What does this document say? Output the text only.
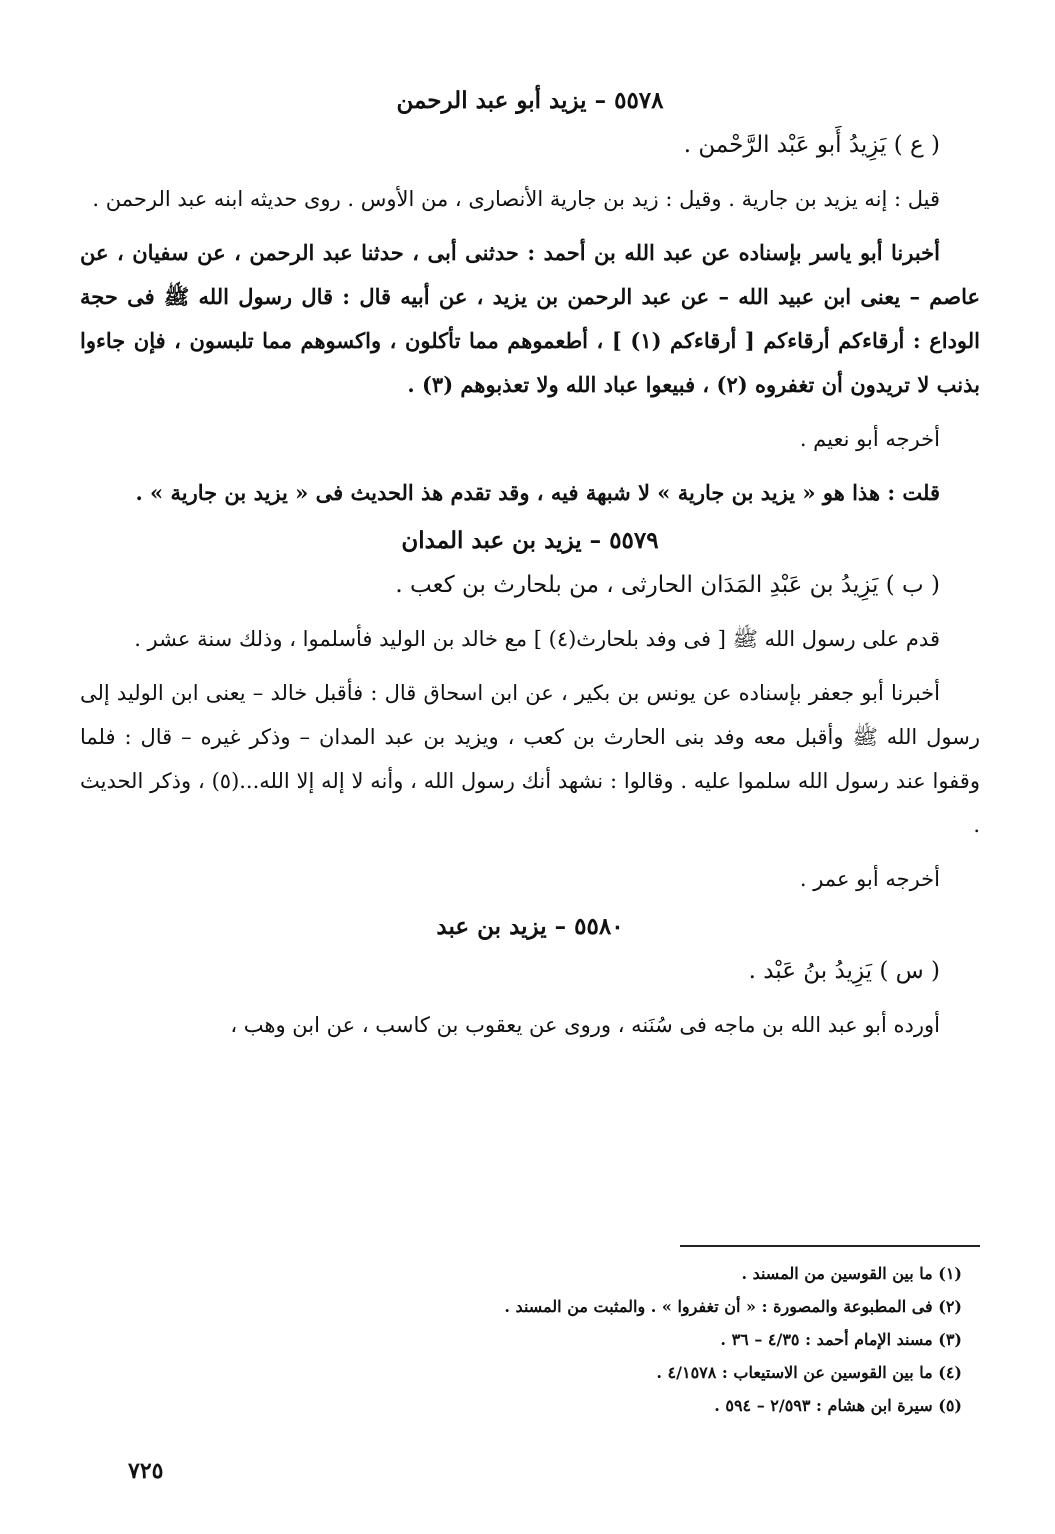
٥٥٧٨ – يزيد أبو عبد الرحمن
( ع ) يَزِيدُ أَبو عَبْد الرَّحْمن .

قيل : إنه يزيد بن جارية . وقيل : زيد بن جارية الأنصارى ، من الأوس . روى حديثه ابنه عبد الرحمن .

أخبرنا أبو ياسر بإسناده عن عبد الله بن أحمد : حدثنى أبى ، حدثنا عبد الرحمن ، عن سفيان ، عن عاصم – يعنى ابن عبيد الله – عن عبد الرحمن بن يزيد ، عن أبيه قال : قال رسول الله ﷺ فى حجة الوداع : أرقاءكم أرقاءكم [ أرقاءكم (١) ] ، أطعموهم مما تأكلون ، واكسوهم مما تلبسون ، فإن جاءوا بذنب لا تريدون أن تغفروه (٢) ، فبيعوا عباد الله ولا تعذبوهم (٣) .

أخرجه أبو نعيم .

قلت : هذا هو « يزيد بن جارية » لا شبهة فيه ، وقد تقدم هذ الحديث فى « يزيد بن جارية » .

٥٥٧٩ – يزيد بن عبد المدان
( ب ) يَزِيدُ بن عَبْدِ المَدَان الحارثى ، من بلحارث بن كعب .

قدم على رسول الله ﷺ [ فى وفد بلحارث(٤) ] مع خالد بن الوليد فأسلموا ، وذلك سنة عشر .

أخبرنا أبو جعفر بإسناده عن يونس بن بكير ، عن ابن اسحاق قال : فأقبل خالد – يعنى ابن الوليد إلى رسول الله ﷺ وأقبل معه وفد بنى الحارث بن كعب ، ويزيد بن عبد المدان – وذكر غيره – قال : فلما وقفوا عند رسول الله سلموا عليه . وقالوا : نشهد أنك رسول الله ، وأنه لا إله إلا الله...(٥) ، وذكر الحديث .

أخرجه أبو عمر .

٥٥٨٠ – يزيد بن عبد
( س ) يَزِيدُ بنُ عَبْد .

أورده أبو عبد الله بن ماجه فى سُنَنه ، وروى عن يعقوب بن كاسب ، عن ابن وهب ،

(١) ما بين القوسين من المسند .
(٢) فى المطبوعة والمصورة : « أن تغفروا » . والمثبت من المسند .
(٣) مسند الإمام أحمد : ٤/٣٥ – ٣٦ .
(٤) ما بين القوسين عن الاستيعاب : ٤/١٥٧٨ .
(٥) سيرة ابن هشام : ٢/٥٩٣ – ٥٩٤ .
٧٢٥
